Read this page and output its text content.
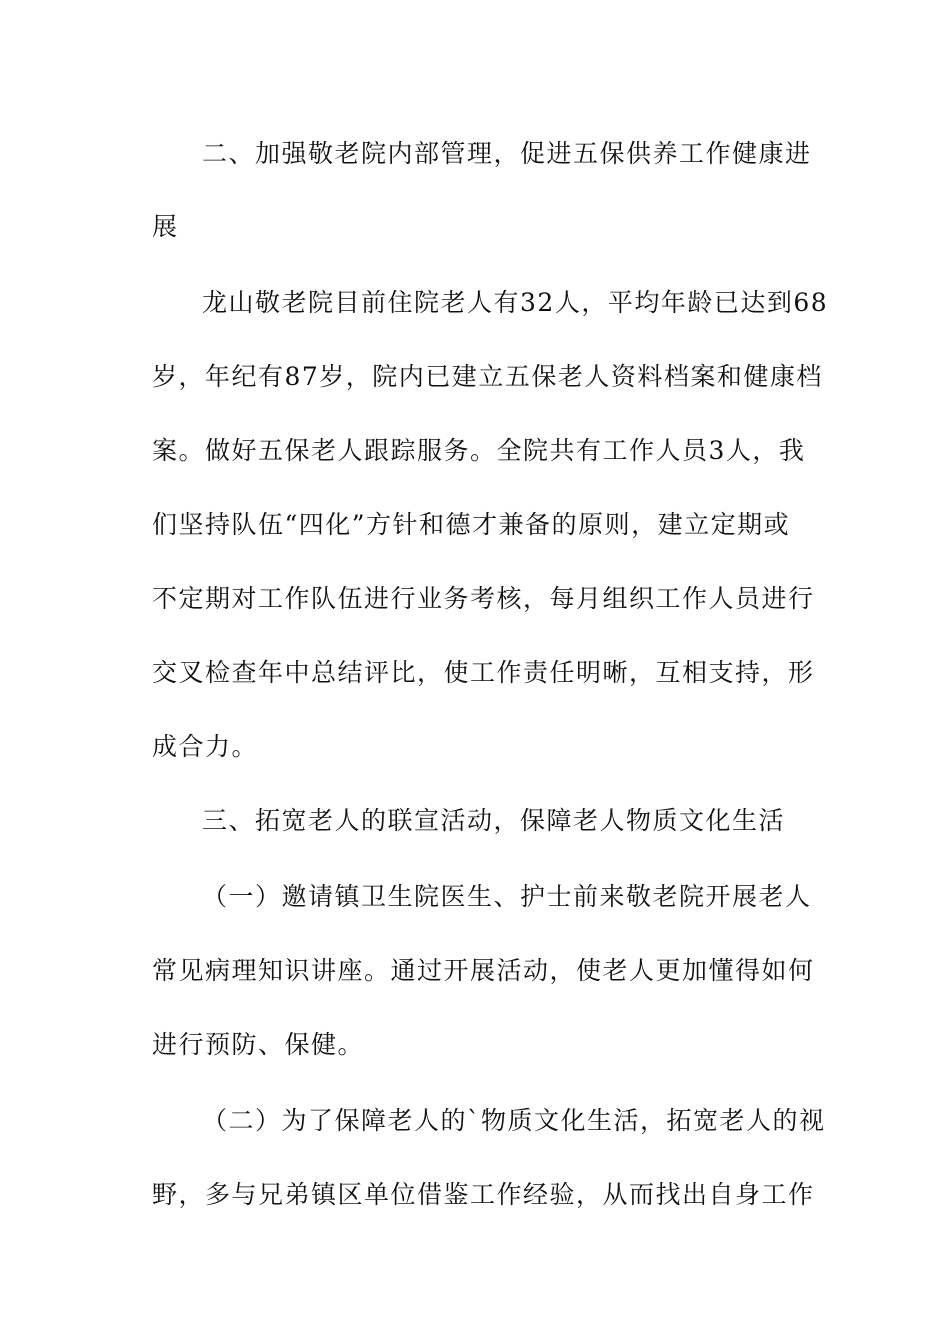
二、加强敬老院内部管理，促进五保供养工作健康进
展
龙山敬老院目前住院老人有32人，平均年龄已达到68
岁，年纪有87岁，院内已建立五保老人资料档案和健康档
案。做好五保老人跟踪服务。全院共有工作人员3人，我
们坚持队伍“四化”方针和德才兼备的原则，建立定期或
不定期对工作队伍进行业务考核，每月组织工作人员进行
交叉检查年中总结评比，使工作责任明晰，互相支持，形
成合力。
三、拓宽老人的联宣活动，保障老人物质文化生活
（一）邀请镇卫生院医生、护士前来敬老院开展老人
常见病理知识讲座。通过开展活动，使老人更加懂得如何
进行预防、保健。
（二）为了保障老人的`物质文化生活，拓宽老人的视
野，多与兄弟镇区单位借鉴工作经验，从而找出自身工作
